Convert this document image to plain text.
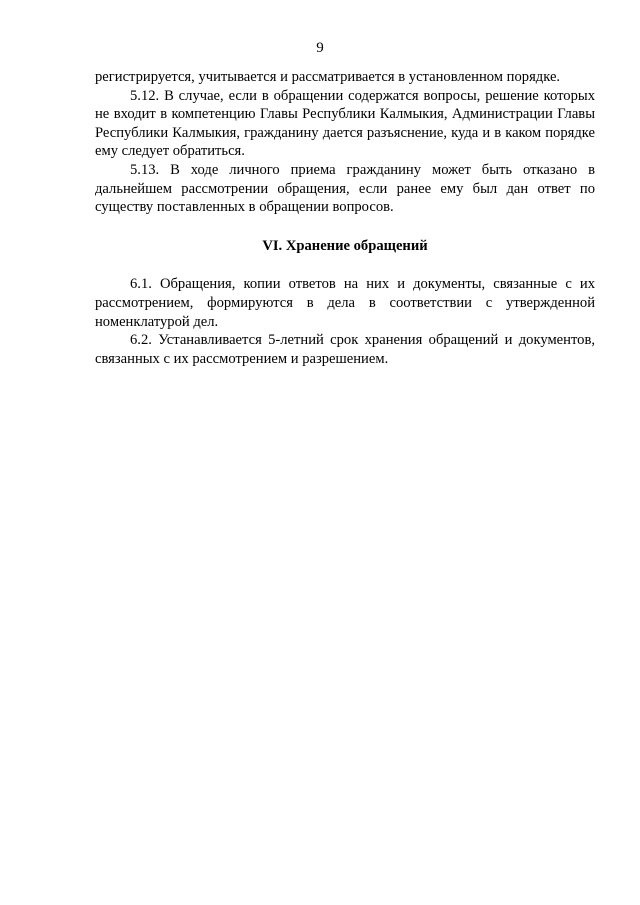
9

регистрируется, учитывается и рассматривается в установленном порядке.

5.12. В случае, если в обращении содержатся вопросы, решение которых не входит в компетенцию Главы Республики Калмыкия, Администрации Главы Республики Калмыкия, гражданину дается разъяснение, куда и в каком порядке ему следует обратиться.

5.13. В ходе личного приема гражданину может быть отказано в дальнейшем рассмотрении обращения, если ранее ему был дан ответ по существу поставленных в обращении вопросов.

VI. Хранение обращений

6.1. Обращения, копии ответов на них и документы, связанные с их рассмотрением, формируются в дела в соответствии с утвержденной номенклатурой дел.

6.2. Устанавливается 5-летний срок хранения обращений и документов, связанных с их рассмотрением и разрешением.
